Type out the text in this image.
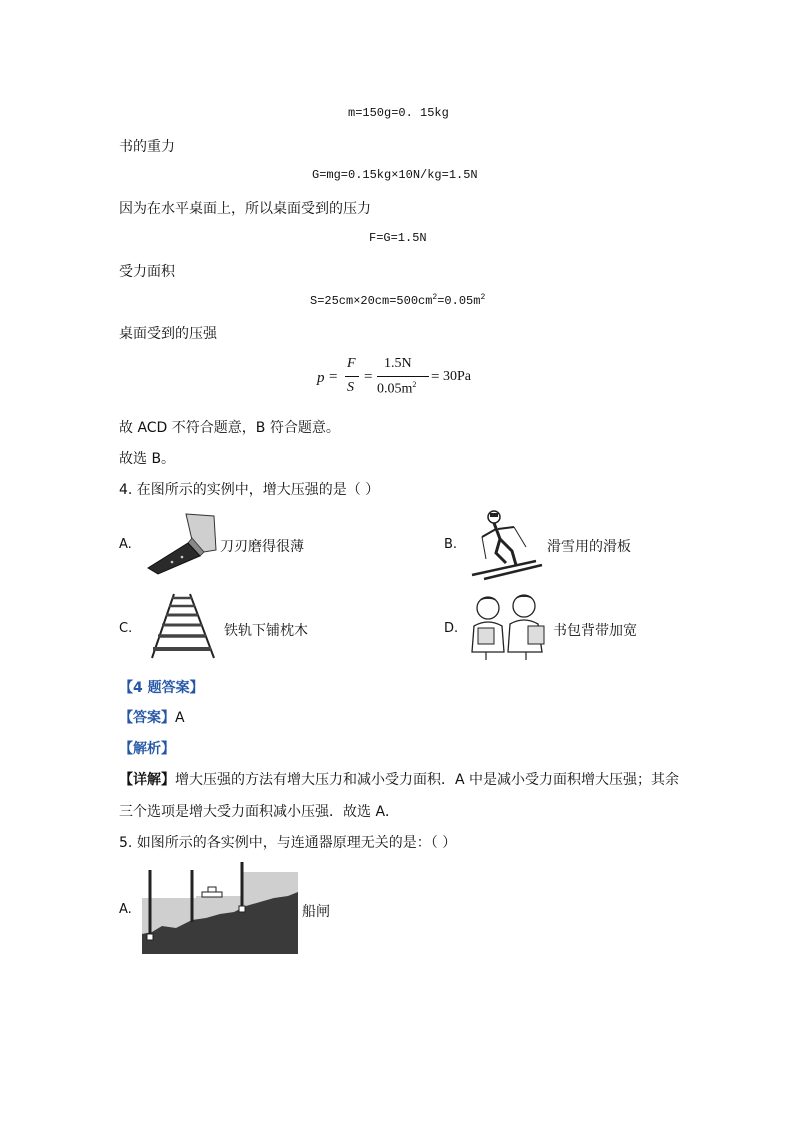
m=150g=0. 15kg
书的重力
G=mg=0.15kg×10N/kg=1.5N
因为在水平桌面上，所以桌面受到的压力
F=G=1.5N
受力面积
$S=25cm\times 20cm=500cm^2=0.05m^2$
桌面受到的压强
p =
F
S
=
1.5N
$0.05m^2 = 30Pa$
故 ACD 不符合题意，B 符合题意。
故选 B。
4. 在图所示的实例中，增大压强的是（ ）
A.	刀刃磨得很薄	B.	滑雪用的滑板
C.	铁轨下铺枕木	D.	书包背带加宽
【4 题答案】
【答案】A
【解析】
【详解】增大压强的方法有增大压力和减小受力面积．A 中是减小受力面积增大压强；其余
三个选项是增大受力面积减小压强．故选 A．
5. 如图所示的各实例中，与连通器原理无关的是：（ ）
A.	船闸
